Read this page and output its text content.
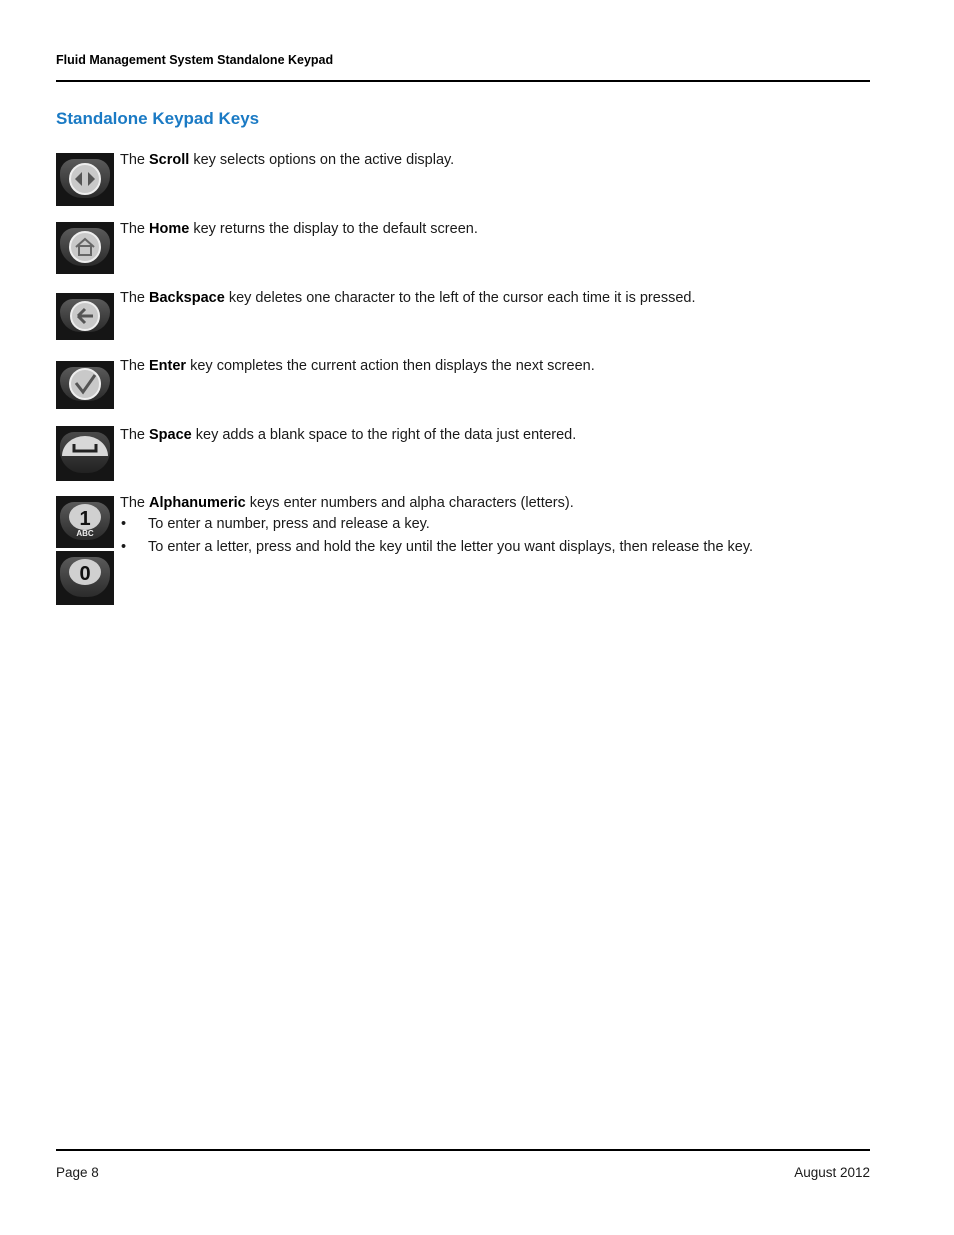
Fluid Management System Standalone Keypad
Standalone Keypad Keys
The Scroll key selects options on the active display.
The Home key returns the display to the default screen.
The Backspace key deletes one character to the left of the cursor each time it is pressed.
The Enter key completes the current action then displays the next screen.
The Space key adds a blank space to the right of the data just entered.
1
ABC
0
The Alphanumeric keys enter numbers and alpha characters (letters).
• To enter a number, press and release a key.
• To enter a letter, press and hold the key until the letter you want displays, then release the key.
Page 8	August 2012
